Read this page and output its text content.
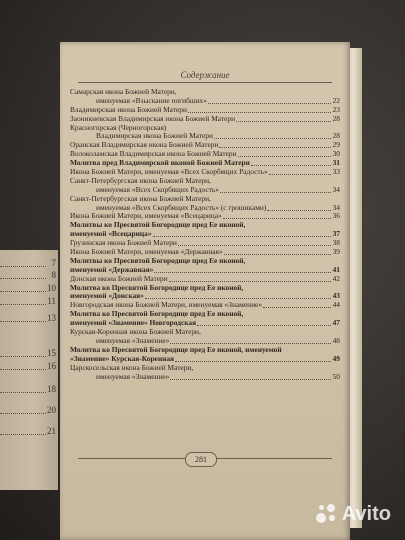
7
8
10
11
13
15
16
18
20
21
Содержание
Самарская икона Божией Матери,
именуемая «Взыскание погибших»	22
Владимирская икона Божией Матери	23
Заоникиевская Владимирская икона Божией Матери	28
Красногорская (Черногорская)
Владимирская икона Божией Матери	28
Оранская Владимирская икона Божией Матери	29
Волоколамская Владимирская икона Божией Матери	30
Молитва пред Владимирской иконой Божией Матери	31
Икона Божией Матери, именуемая «Всех Скорбящих Радость»	33
Санкт-Петербургская икона Божией Матери,
именуемая «Всех Скорбящих Радость»	34
Санкт-Петербургская икона Божией Матери,
именуемая «Всех Скорбящих Радость» (с грошиками)	34
Икона Божией Матери, именуемая «Всецарица»	36
Молитвы ко Пресвятой Богородице пред Ее иконой,
именуемой «Всецарица»	37
Грузинская икона Божией Матери	38
Икона Божией Матери, именуемая «Державная»	39
Молитвы ко Пресвятой Богородице пред Ее иконой,
именуемой «Державная»	41
Донская икона Божией Матери	42
Молитва ко Пресвятой Богородице пред Ее иконой,
именуемой «Донская»	43
Новгородская икона Божией Матери, именуемая «Знамение»	44
Молитва ко Пресвятой Богородице пред Ее иконой,
именуемой «Знамение» Новгородская	47
Курская-Коренная икона Божией Матери,
именуемая «Знамение»	48
Молитва ко Пресвятой Богородице пред Ее иконой, именуемой
«Знамение» Курская-Коренная	49
Царскосельская икона Божией Матери,
именуемая «Знамение»	50
281
Avito
